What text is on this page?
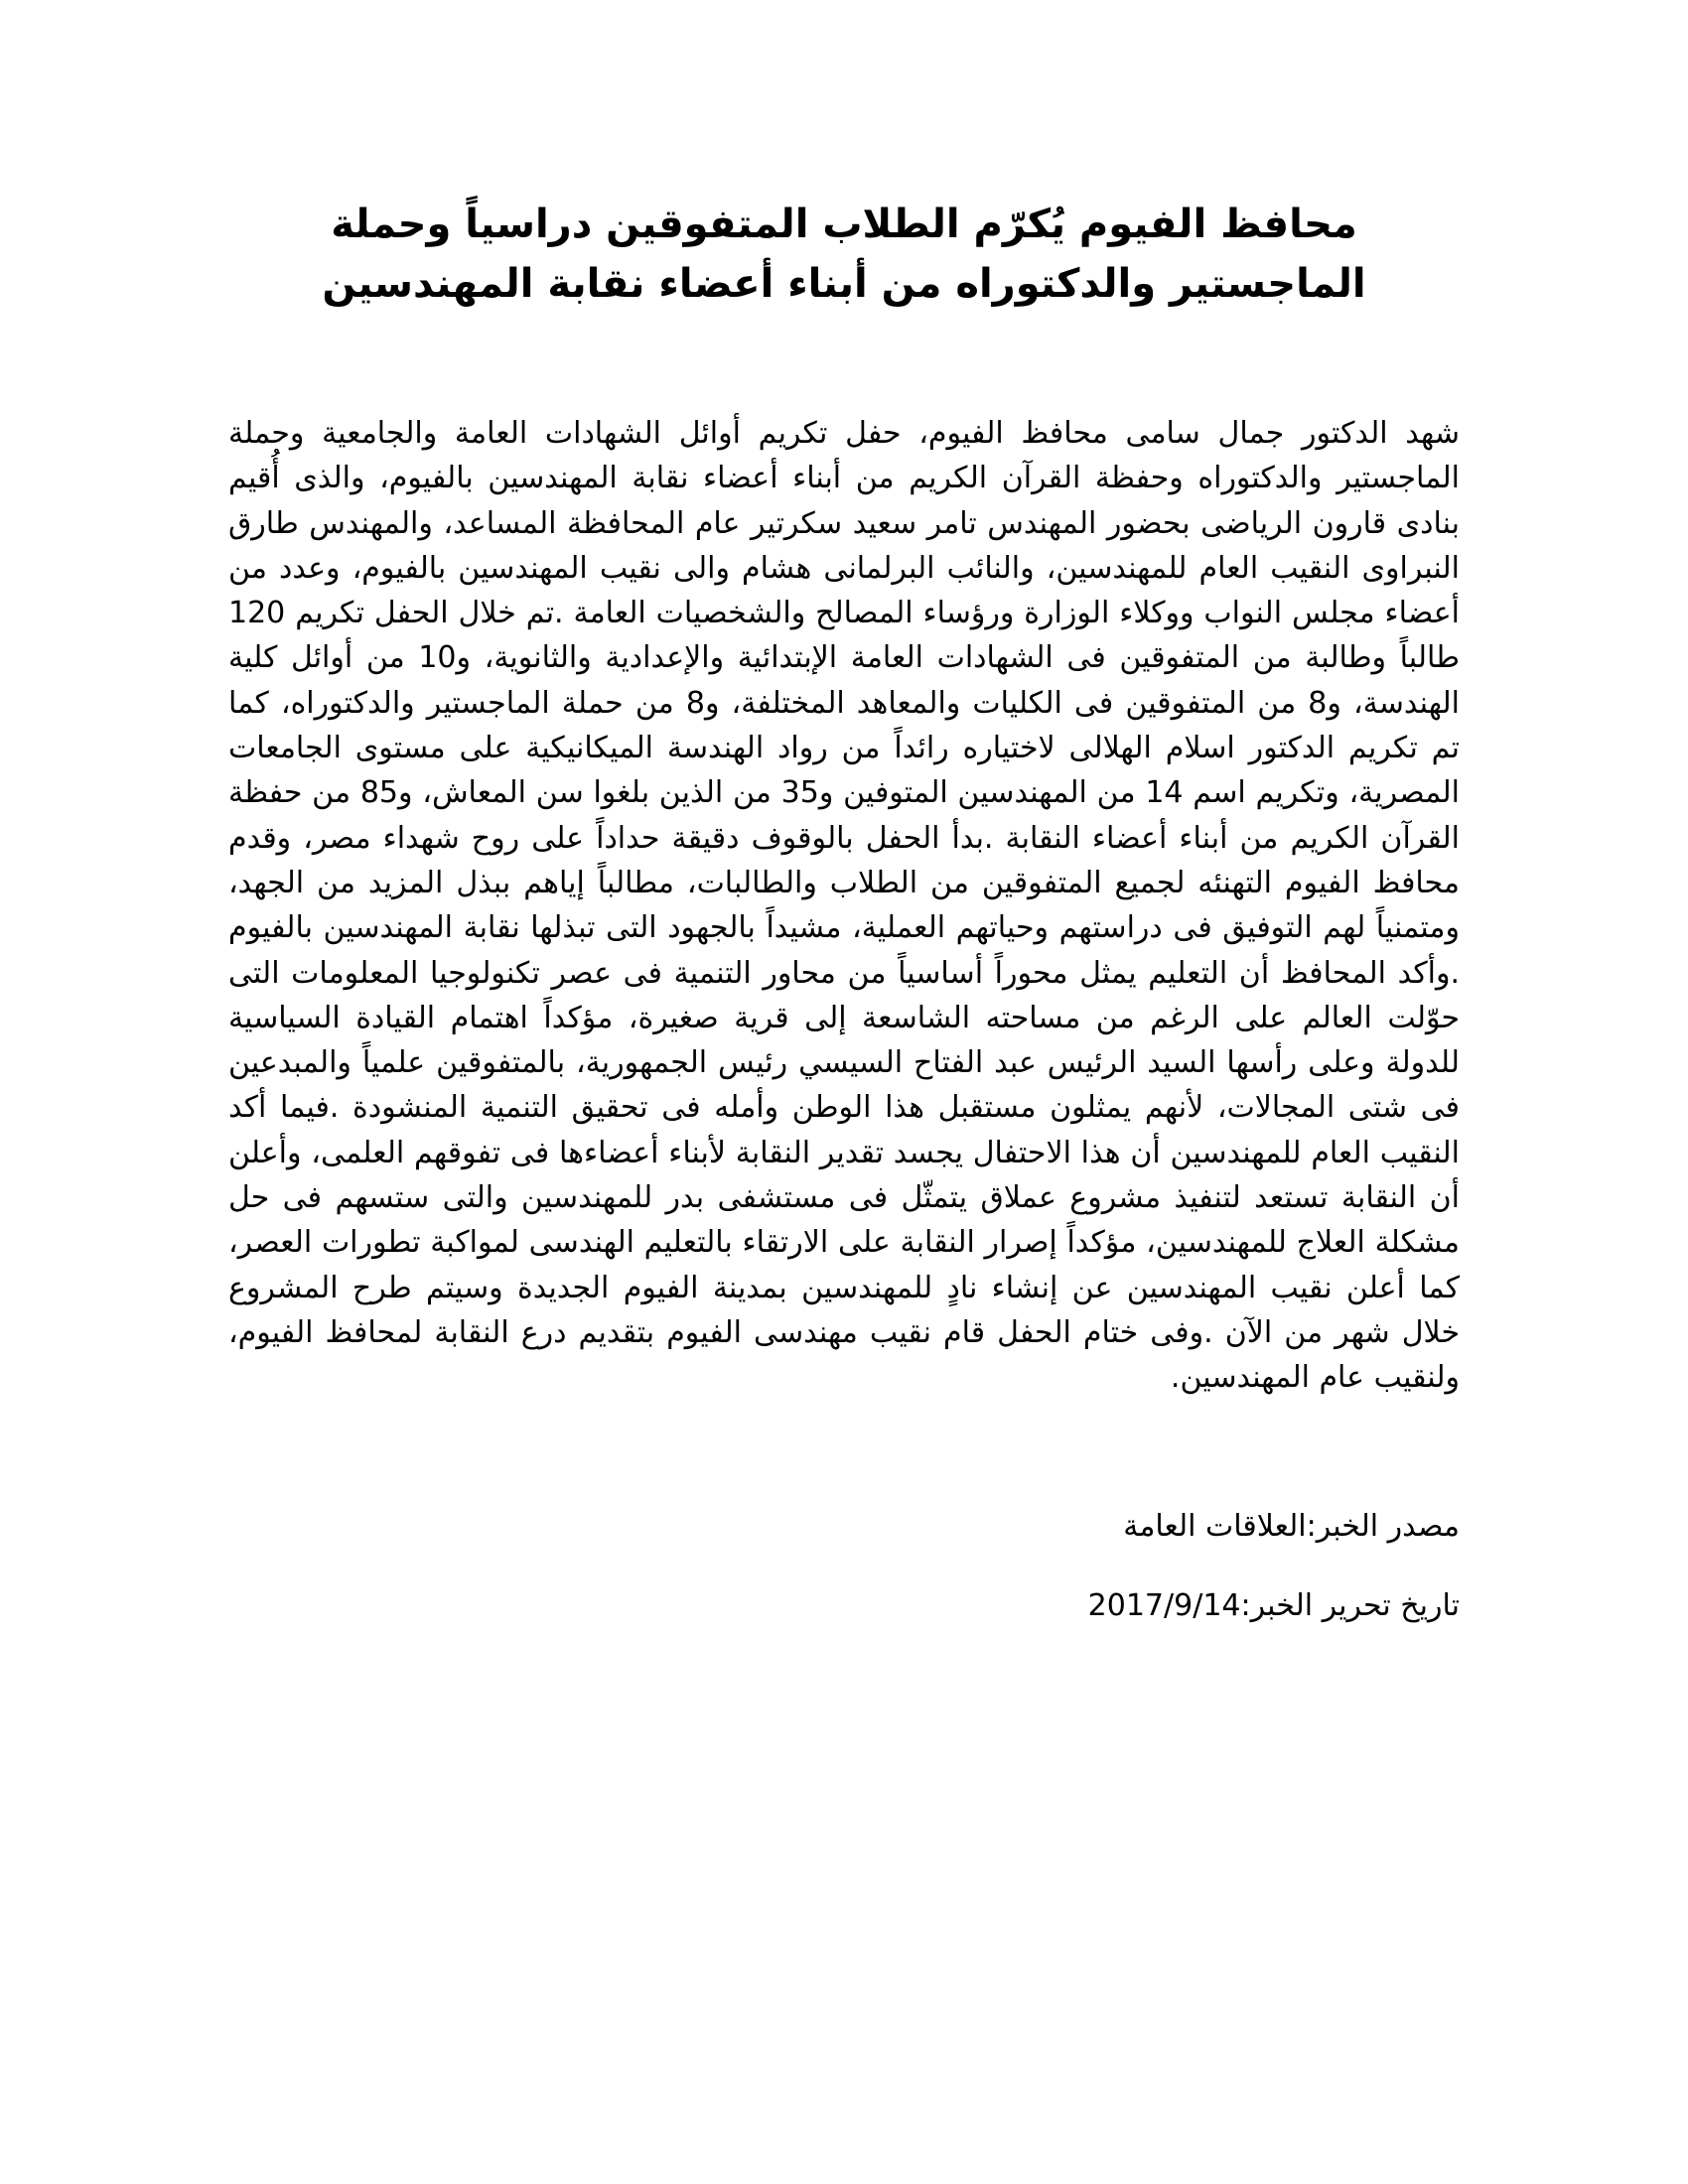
محافظ الفيوم يُكرّم الطلاب المتفوقين دراسياً وحملة الماجستير والدكتوراه من أبناء أعضاء نقابة المهندسين

شهد الدكتور جمال سامى محافظ الفيوم، حفل تكريم أوائل الشهادات العامة والجامعية وحملة الماجستير والدكتوراه وحفظة القرآن الكريم من أبناء أعضاء نقابة المهندسين بالفيوم، والذى أُقيم بنادى قارون الرياضى بحضور المهندس تامر سعيد سكرتير عام المحافظة المساعد، والمهندس طارق النبراوى النقيب العام للمهندسين، والنائب البرلمانى هشام والى نقيب المهندسين بالفيوم، وعدد من أعضاء مجلس النواب ووكلاء الوزارة ورؤساء المصالح والشخصيات العامة .تم خلال الحفل تكريم 120 طالباً وطالبة من المتفوقين فى الشهادات العامة الإبتدائية والإعدادية والثانوية، و10 من أوائل كلية الهندسة، و8 من المتفوقين فى الكليات والمعاهد المختلفة، و8 من حملة الماجستير والدكتوراه، كما تم تكريم الدكتور اسلام الهلالى لاختياره رائداً من رواد الهندسة الميكانيكية على مستوى الجامعات المصرية، وتكريم اسم 14 من المهندسين المتوفين و35 من الذين بلغوا سن المعاش، و85 من حفظة القرآن الكريم من أبناء أعضاء النقابة .بدأ الحفل بالوقوف دقيقة حداداً على روح شهداء مصر، وقدم محافظ الفيوم التهنئه لجميع المتفوقين من الطلاب والطالبات، مطالباً إياهم ببذل المزيد من الجهد، ومتمنياً لهم التوفيق فى دراستهم وحياتهم العملية، مشيداً بالجهود التى تبذلها نقابة المهندسين بالفيوم .وأكد المحافظ أن التعليم يمثل محوراً أساسياً من محاور التنمية فى عصر تكنولوجيا المعلومات التى حوّلت العالم على الرغم من مساحته الشاسعة إلى قرية صغيرة، مؤكداً اهتمام القيادة السياسية للدولة وعلى رأسها السيد الرئيس عبد الفتاح السيسي رئيس الجمهورية، بالمتفوقين علمياً والمبدعين فى شتى المجالات، لأنهم يمثلون مستقبل هذا الوطن وأمله فى تحقيق التنمية المنشودة .فيما أكد النقيب العام للمهندسين أن هذا الاحتفال يجسد تقدير النقابة لأبناء أعضاءها فى تفوقهم العلمى، وأعلن أن النقابة تستعد لتنفيذ مشروع عملاق يتمثّل فى مستشفى بدر للمهندسين والتى ستسهم فى حل مشكلة العلاج للمهندسين، مؤكداً إصرار النقابة على الارتقاء بالتعليم الهندسى لمواكبة تطورات العصر، كما أعلن نقيب المهندسين عن إنشاء نادٍ للمهندسين بمدينة الفيوم الجديدة وسيتم طرح المشروع خلال شهر من الآن .وفى ختام الحفل قام نقيب مهندسى الفيوم بتقديم درع النقابة لمحافظ الفيوم، ولنقيب عام المهندسين.

مصدر الخبر:العلاقات العامة

تاريخ تحرير الخبر:2017/9/14
